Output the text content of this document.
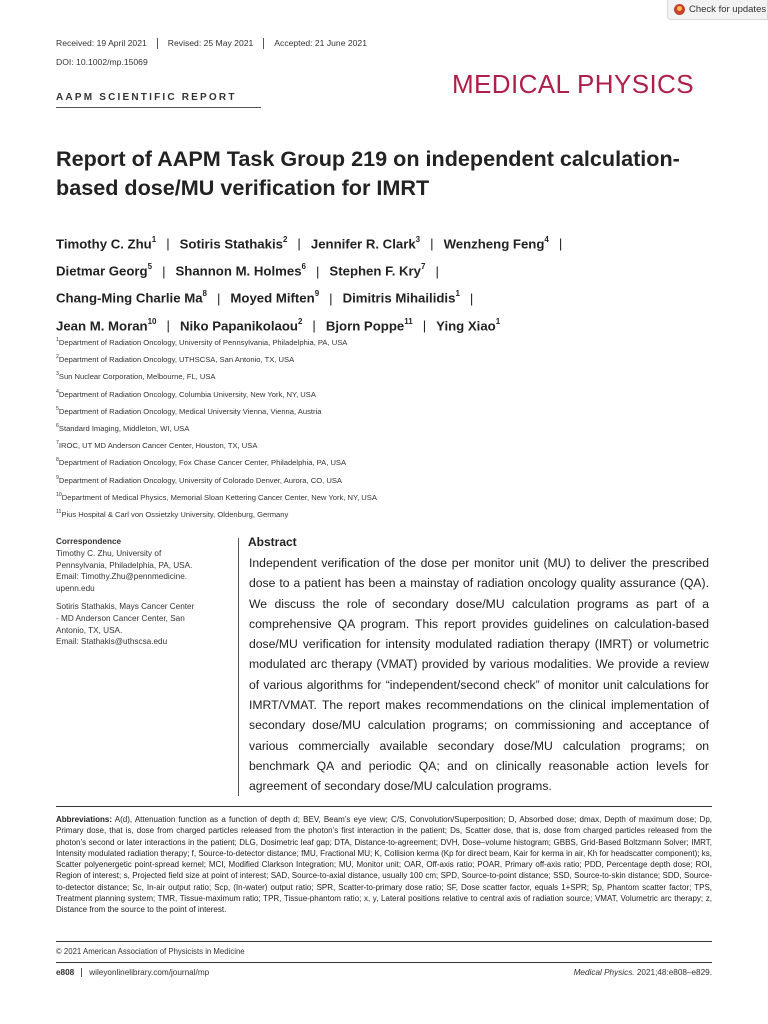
Check for updates
Received: 19 April 2021	Revised: 25 May 2021	Accepted: 21 June 2021
DOI: 10.1002/mp.15069
MEDICAL PHYSICS
AAPM SCIENTIFIC REPORT
Report of AAPM Task Group 219 on independent calculation-based dose/MU verification for IMRT
Timothy C. Zhu$^1$ | Sotiris Stathakis$^2$ | Jennifer R. Clark$^3$ | Wenzheng Feng$^4$ |
Dietmar Georg$^5$ | Shannon M. Holmes$^6$ | Stephen F. Kry$^7$ |
Chang-Ming Charlie Ma$^8$ | Moyed Miften$^9$ | Dimitris Mihailidis$^1$ |
Jean M. Moran$^{10}$ | Niko Papanikolaou$^2$ | Bjorn Poppe$^{11}$ | Ying Xiao$^1$
$^1$Department of Radiation Oncology, University of Pennsylvania, Philadelphia, PA, USA
$^2$Department of Radiation Oncology, UTHSCSA, San Antonio, TX, USA
$^3$Sun Nuclear Corporation, Melbourne, FL, USA
$^4$Department of Radiation Oncology, Columbia University, New York, NY, USA
$^5$Department of Radiation Oncology, Medical University Vienna, Vienna, Austria
$^6$Standard Imaging, Middleton, WI, USA
$^7$IROC, UT MD Anderson Cancer Center, Houston, TX, USA
$^8$Department of Radiation Oncology, Fox Chase Cancer Center, Philadelphia, PA, USA
$^9$Department of Radiation Oncology, University of Colorado Denver, Aurora, CO, USA
$^{10}$Department of Medical Physics, Memorial Sloan Kettering Cancer Center, New York, NY, USA
$^{11}$Pius Hospital & Carl von Ossietzky University, Oldenburg, Germany
Correspondence
Timothy C. Zhu, University of
Pennsylvania, Philadelphia, PA, USA.
Email: Timothy.Zhu@pennmedicine.
upenn.edu
Sotiris Stathakis, Mays Cancer Center
- MD Anderson Cancer Center, San
Antonio, TX, USA.
Email: Stathakis@uthscsa.edu
Abstract
Independent verification of the dose per monitor unit (MU) to deliver the prescribed dose to a patient has been a mainstay of radiation oncology quality assurance (QA). We discuss the role of secondary dose/MU calculation programs as part of a comprehensive QA program. This report provides guidelines on calculation-based dose/MU verification for intensity modulated radiation therapy (IMRT) or volumetric modulated arc therapy (VMAT) provided by various modalities. We provide a review of various algorithms for “independent/second check” of monitor unit calculations for IMRT/VMAT. The report makes recommendations on the clinical implementation of secondary dose/MU calculation programs; on commissioning and acceptance of various commercially available secondary dose/MU calculation programs; on benchmark QA and periodic QA; and on clinically reasonable action levels for agreement of secondary dose/MU calculation programs.
Abbreviations: A(d), Attenuation function as a function of depth d; BEV, Beam’s eye view; C/S, Convolution/Superposition; D, Absorbed dose; dmax, Depth of maximum dose; Dp, Primary dose, that is, dose from charged particles released from the photon’s first interaction in the patient; Ds, Scatter dose, that is, dose from charged particles released from the photon’s second or later interactions in the patient; DLG, Dosimetric leaf gap; DTA, Distance-to-agreement; DVH, Dose–volume histogram; GBBS, Grid-Based Boltzmann Solver; IMRT, Intensity modulated radiation therapy; f, Source-to-detector distance; fMU, Fractional MU; K, Collision kerma (Kp for direct beam, Kair for kerma in air, Kh for headscatter component); ks, Scatter polyenergetic point-spread kernel; MCI, Modified Clarkson Integration; MU, Monitor unit; OAR, Off-axis ratio; POAR, Primary off-axis ratio; PDD, Percentage depth dose; ROI, Region of interest; s, Projected field size at point of interest; SAD, Source-to-axial distance, usually 100 cm; SPD, Source-to-point distance; SSD, Source-to-skin distance; SDD, Source-to-detector distance; Sc, In-air output ratio; Scp, (In-water) output ratio; SPR, Scatter-to-primary dose ratio; SF, Dose scatter factor, equals 1+SPR; Sp, Phantom scatter factor; TPS, Treatment planning system; TMR, Tissue-maximum ratio; TPR, Tissue-phantom ratio; x, y, Lateral positions relative to central axis of radiation source; VMAT, Volumetric arc therapy; z, Distance from the source to the point of interest.
© 2021 American Association of Physicists in Medicine
e808	wileyonlinelibrary.com/journal/mp	Medical Physics. 2021;48:e808–e829.
